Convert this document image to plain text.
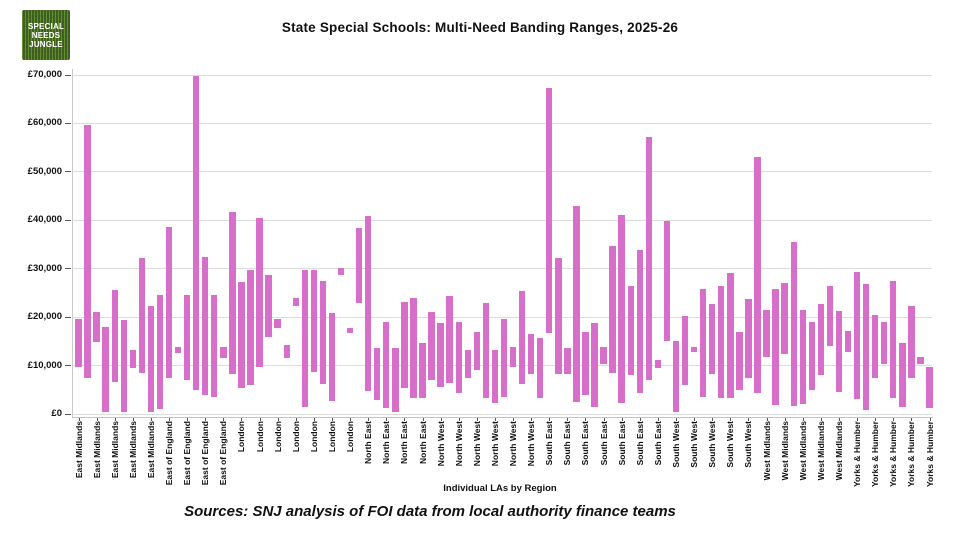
SPECIAL
NEEDS
JUNGLE
State Special Schools: Multi-Need Banding Ranges, 2025-26
£0
£10,000
£20,000
£30,000
£40,000
£50,000
£60,000
£70,000
East Midlands East Midlands East Midlands East Midlands East Midlands East of England East of England East of England East of England London London London London London London London North East North East North East North East North West North West North West North West North West North West South East South East South East South East South East South East South East South West South West South West South West South West West Midlands West Midlands West Midlands West Midlands West Midlands Yorks & Humber Yorks & Humber Yorks & Humber Yorks & Humber Yorks & Humber
Individual LAs by Region
Sources: SNJ analysis of FOI data from local authority finance teams
